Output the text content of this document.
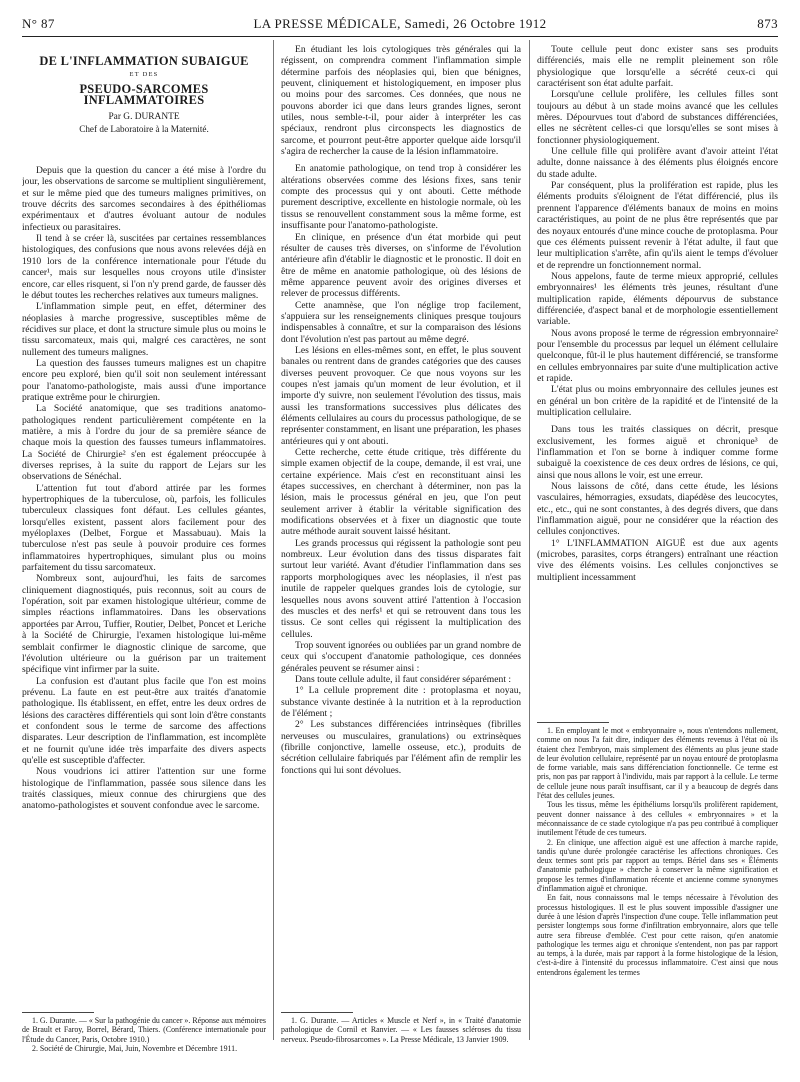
N° 87	LA PRESSE MÉDICALE, Samedi, 26 Octobre 1912	873
DE L'INFLAMMATION SUBAIGUE
ET DES
PSEUDO-SARCOMES INFLAMMATOIRES
Par G. DURANTE
Chef de Laboratoire à la Maternité.

Depuis que la question du cancer a été mise à l'ordre du jour, les observations de sarcome se multiplient singulièrement, et sur le même pied que des tumeurs malignes primitives, on trouve décrits des sarcomes secondaires à des épithéliomas expérimentaux et d'autres évoluant autour de nodules infectieux ou parasitaires.

Il tend à se créer là, suscitées par certaines ressemblances histologiques, des confusions que nous avons relevées déjà en 1910 lors de la conférence internationale pour l'étude du cancer¹, mais sur lesquelles nous croyons utile d'insister encore, car elles risquent, si l'on n'y prend garde, de fausser dès le début toutes les recherches relatives aux tumeurs malignes.

L'inflammation simple peut, en effet, déterminer des néoplasies à marche progressive, susceptibles même de récidives sur place, et dont la structure simule plus ou moins le tissu sarcomateux, mais qui, malgré ces caractères, ne sont nullement des tumeurs malignes.

La question des fausses tumeurs malignes est un chapitre encore peu exploré, bien qu'il soit non seulement intéressant pour l'anatomo-pathologiste, mais aussi d'une importance pratique extrême pour le chirurgien.

La Société anatomique, que ses traditions anatomo-pathologiques rendent particulièrement compétente en la matière, a mis à l'ordre du jour de sa première séance de chaque mois la question des fausses tumeurs inflammatoires. La Société de Chirurgie² s'en est également préoccupée à diverses reprises, à la suite du rapport de Lejars sur les observations de Sénéchal.

L'attention fut tout d'abord attirée par les formes hypertrophiques de la tuberculose, où, parfois, les follicules tuberculeux classiques font défaut. Les cellules géantes, lorsqu'elles existent, passent alors facilement pour des myéloplaxes (Delbet, Forgue et Massabuau). Mais la tuberculose n'est pas seule à pouvoir produire ces formes inflammatoires hypertrophiques, simulant plus ou moins parfaitement du tissu sarcomateux.

Nombreux sont, aujourd'hui, les faits de sarcomes cliniquement diagnostiqués, puis reconnus, soit au cours de l'opération, soit par examen histologique ultérieur, comme de simples réactions inflammatoires. Dans les observations apportées par Arrou, Tuffier, Routier, Delbet, Poncet et Leriche à la Société de Chirurgie, l'examen histologique lui-même semblait confirmer le diagnostic clinique de sarcome, que l'évolution ultérieure ou la guérison par un traitement spécifique vint infirmer par la suite.

La confusion est d'autant plus facile que l'on est moins prévenu. La faute en est peut-être aux traités d'anatomie pathologique. Ils établissent, en effet, entre les deux ordres de lésions des caractères différentiels qui sont loin d'être constants et confondent sous le terme de sarcome des affections disparates. Leur description de l'inflammation, est incomplète et ne fournit qu'une idée très imparfaite des divers aspects qu'elle est susceptible d'affecter.

Nous voudrions ici attirer l'attention sur une forme histologique de l'inflammation, passée sous silence dans les traités classiques, mieux connue des chirurgiens que des anatomo-pathologistes et souvent confondue avec le sarcome.

1. G. Durante. — « Sur la pathogénie du cancer ». Réponse aux mémoires de Brault et Faroy, Borrel, Bérard, Thiers. (Conférence internationale pour l'Étude du Cancer, Paris, Octobre 1910.)

2. Société de Chirurgie, Mai, Juin, Novembre et Décembre 1911.

En étudiant les lois cytologiques très générales qui la régissent, on comprendra comment l'inflammation simple détermine parfois des néoplasies qui, bien que bénignes, peuvent, cliniquement et histologiquement, en imposer plus ou moins pour des sarcomes. Ces données, que nous ne pouvons aborder ici que dans leurs grandes lignes, seront utiles, nous semble-t-il, pour aider à interpréter les cas spéciaux, rendront plus circonspects les diagnostics de sarcome, et pourront peut-être apporter quelque aide lorsqu'il s'agira de rechercher la cause de la lésion inflammatoire.

En anatomie pathologique, on tend trop à considérer les altérations observées comme des lésions fixes, sans tenir compte des processus qui y ont abouti. Cette méthode purement descriptive, excellente en histologie normale, où les tissus se renouvellent constamment sous la même forme, est insuffisante pour l'anatomo-pathologiste.

En clinique, en présence d'un état morbide qui peut résulter de causes très diverses, on s'informe de l'évolution antérieure afin d'établir le diagnostic et le pronostic. Il doit en être de même en anatomie pathologique, où des lésions de même apparence peuvent avoir des origines diverses et relever de processus différents.

Cette anamnèse, que l'on néglige trop facilement, s'appuiera sur les renseignements cliniques presque toujours indispensables à connaître, et sur la comparaison des lésions dont l'évolution n'est pas partout au même degré.

Les lésions en elles-mêmes sont, en effet, le plus souvent banales ou rentrent dans de grandes catégories que des causes diverses peuvent provoquer. Ce que nous voyons sur les coupes n'est jamais qu'un moment de leur évolution, et il importe d'y suivre, non seulement l'évolution des tissus, mais aussi les transformations successives plus délicates des éléments cellulaires au cours du processus pathologique, de se représenter constamment, en lisant une préparation, les phases antérieures qui y ont abouti.

Cette recherche, cette étude critique, très différente du simple examen objectif de la coupe, demande, il est vrai, une certaine expérience. Mais c'est en reconstituant ainsi les étapes successives, en cherchant à déterminer, non pas la lésion, mais le processus général en jeu, que l'on peut seulement arriver à établir la véritable signification des modifications observées et à fixer un diagnostic que toute autre méthode aurait souvent laissé hésitant.

Les grands processus qui régissent la pathologie sont peu nombreux. Leur évolution dans des tissus disparates fait surtout leur variété. Avant d'étudier l'inflammation dans ses rapports morphologiques avec les néoplasies, il n'est pas inutile de rappeler quelques grandes lois de cytologie, sur lesquelles nous avons souvent attiré l'attention à l'occasion des muscles et des nerfs¹ et qui se retrouvent dans tous les tissus. Ce sont celles qui régissent la multiplication des cellules.

Trop souvent ignorées ou oubliées par un grand nombre de ceux qui s'occupent d'anatomie pathologique, ces données générales peuvent se résumer ainsi :

Dans toute cellule adulte, il faut considérer séparément :

1° La cellule proprement dite : protoplasma et noyau, substance vivante destinée à la nutrition et à la reproduction de l'élément ;

2° Les substances différenciées intrinsèques (fibrilles nerveuses ou musculaires, granulations) ou extrinsèques (fibrille conjonctive, lamelle osseuse, etc.), produits de sécrétion cellulaire fabriqués par l'élément afin de remplir les fonctions qui lui sont dévolues.

1. G. Durante. — Articles « Muscle et Nerf », in « Traité d'anatomie pathologique de Cornil et Ranvier. — « Les fausses scléroses du tissu nerveux. Pseudo-fibrosarcomes ». La Presse Médicale, 13 Janvier 1909.

Toute cellule peut donc exister sans ses produits différenciés, mais elle ne remplit pleinement son rôle physiologique que lorsqu'elle a sécrété ceux-ci qui caractérisent son état adulte parfait.

Lorsqu'une cellule prolifère, les cellules filles sont toujours au début à un stade moins avancé que les cellules mères. Dépourvues tout d'abord de substances différenciées, elles ne sécrètent celles-ci que lorsqu'elles se sont mises à fonctionner physiologiquement.

Une cellule fille qui prolifère avant d'avoir atteint l'état adulte, donne naissance à des éléments plus éloignés encore du stade adulte.

Par conséquent, plus la prolifération est rapide, plus les éléments produits s'éloignent de l'état différencié, plus ils prennent l'apparence d'éléments banaux de moins en moins caractéristiques, au point de ne plus être représentés que par des noyaux entourés d'une mince couche de protoplasma. Pour que ces éléments puissent revenir à l'état adulte, il faut que leur multiplication s'arrête, afin qu'ils aient le temps d'évoluer et de reprendre un fonctionnement normal.

Nous appelons, faute de terme mieux approprié, cellules embryonnaires¹ les éléments très jeunes, résultant d'une multiplication rapide, éléments dépourvus de substance différenciée, d'aspect banal et de morphologie essentiellement variable.

Nous avons proposé le terme de régression embryonnaire² pour l'ensemble du processus par lequel un élément cellulaire quelconque, fût-il le plus hautement différencié, se transforme en cellules embryonnaires par suite d'une multiplication active et rapide.

L'état plus ou moins embryonnaire des cellules jeunes est en général un bon critère de la rapidité et de l'intensité de la multiplication cellulaire.

Dans tous les traités classiques on décrit, presque exclusivement, les formes aiguë et chronique³ de l'inflammation et l'on se borne à indiquer comme forme subaiguë la coexistence de ces deux ordres de lésions, ce qui, ainsi que nous allons le voir, est une erreur.

Nous laissons de côté, dans cette étude, les lésions vasculaires, hémorragies, exsudats, diapédèse des leucocytes, etc., etc., qui ne sont constantes, à des degrés divers, que dans l'inflammation aiguë, pour ne considérer que la réaction des cellules conjonctives.

1° L'INFLAMMATION AIGUË est due aux agents (microbes, parasites, corps étrangers) entraînant une réaction vive des éléments voisins. Les cellules conjonctives se multiplient incessamment

1. En employant le mot « embryonnaire », nous n'entendons nullement, comme on nous l'a fait dire, indiquer des éléments revenus à l'état où ils étaient chez l'embryon, mais simplement des éléments au plus jeune stade de leur évolution cellulaire, représenté par un noyau entouré de protoplasma de forme variable, mais sans différenciation fonctionnelle. Ce terme est pris, non pas par rapport à l'individu, mais par rapport à la cellule. Le terme de cellule jeune nous paraît insuffisant, car il y a beaucoup de degrés dans l'état des cellules jeunes.

Tous les tissus, même les épithéliums lorsqu'ils prolifèrent rapidement, peuvent donner naissance à des cellules « embryonnaires » et la méconnaissance de ce stade cytologique n'a pas peu contribué à compliquer inutilement l'étude de ces tumeurs.

2. En clinique, une affection aiguë est une affection à marche rapide, tandis qu'une durée prolongée caractérise les affections chroniques. Ces deux termes sont pris par rapport au temps. Bériel dans ses « Éléments d'anatomie pathologique » cherche à conserver la même signification et propose les termes d'inflammation récente et ancienne comme synonymes d'inflammation aiguë et chronique.

En fait, nous connaissons mal le temps nécessaire à l'évolution des processus histologiques. Il est le plus souvent impossible d'assigner une durée à une lésion d'après l'inspection d'une coupe. Telle inflammation peut persister longtemps sous forme d'infiltration embryonnaire, alors que telle autre sera fibreuse d'emblée. C'est pour cette raison, qu'en anatomie pathologique les termes aigu et chronique s'entendent, non pas par rapport au temps, à la durée, mais par rapport à la forme histologique de la lésion, c'est-à-dire à l'intensité du processus inflammatoire. C'est ainsi que nous entendrons également les termes
